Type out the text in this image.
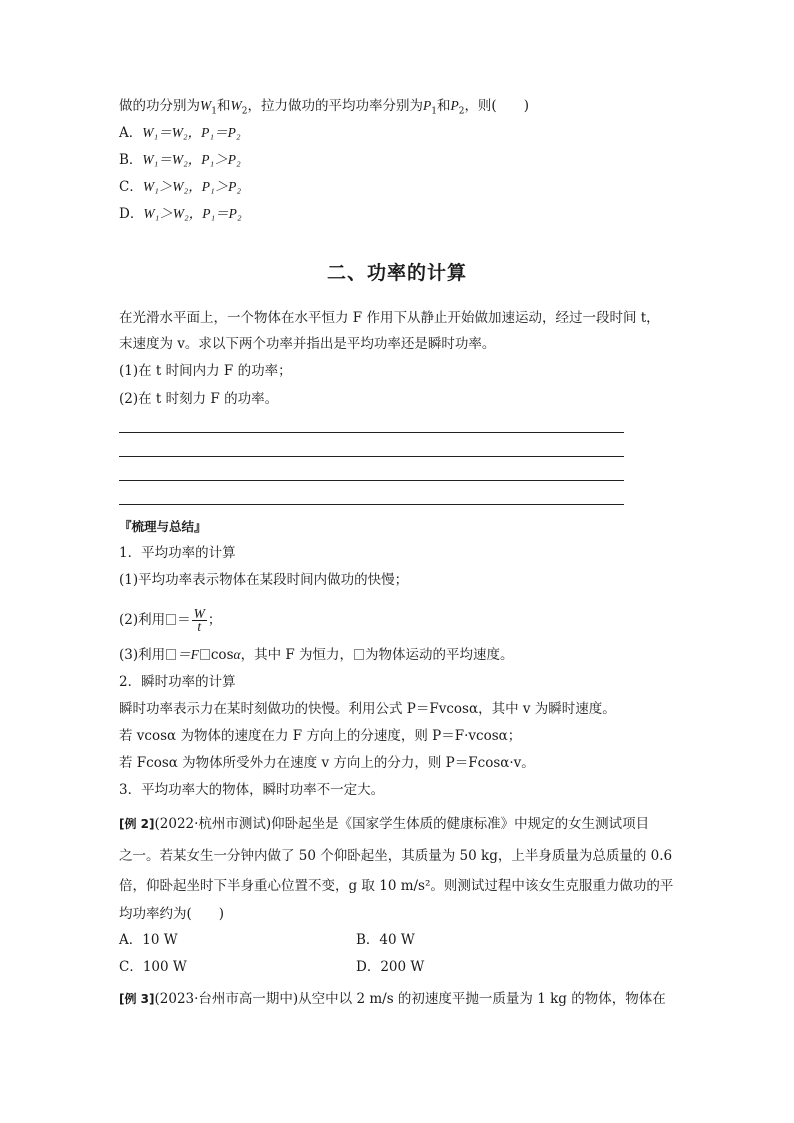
做的功分别为$W_1$和$W_2$，拉力做功的平均功率分别为$P_1$和$P_2$，则(　　 )
A．W₁＝W₂，P₁＝P₂
B．W₁＝W₂，P₁＞P₂
C．W₁＞W₂，P₁＞P₂
D．W₁＞W₂，P₁＝P₂
二、功率的计算
在光滑水平面上，一个物体在水平恒力 F 作用下从静止开始做加速运动，经过一段时间 t，
末速度为 v。求以下两个功率并指出是平均功率还是瞬时功率。
(1)在 t 时间内力 F 的功率；
(2)在 t 时刻力 F 的功率。
『梳理与总结』
1．平均功率的计算
(1)平均功率表示物体在某段时间内做功的快慢；
(2)利用 ＝ $\frac{W}{t}$ ；
(3)利用 ＝F cosα，其中 F 为恒力， 为物体运动的平均速度。
2．瞬时功率的计算
瞬时功率表示力在某时刻做功的快慢。利用公式 P＝Fvcosα，其中 v 为瞬时速度。
若 vcosα 为物体的速度在力 F 方向上的分速度，则 P＝F·vcosα；
若 Fcosα 为物体所受外力在速度 v 方向上的分力，则 P＝Fcosα·v。
3．平均功率大的物体，瞬时功率不一定大。
[例 2](2022·杭州市测试)仰卧起坐是《国家学生体质的健康标准》中规定的女生测试项目
之一。若某女生一分钟内做了 50 个仰卧起坐，其质量为 50 kg，上半身质量为总质量的 0.6
倍，仰卧起坐时下半身重心位置不变，g 取 10 m/s²。则测试过程中该女生克服重力做功的平
均功率约为(　　)
A．10 W	B．40 W
C．100 W	D．200 W
[例 3](2023·台州市高一期中)从空中以 2 m/s 的初速度平抛一质量为 1 kg 的物体，物体在
